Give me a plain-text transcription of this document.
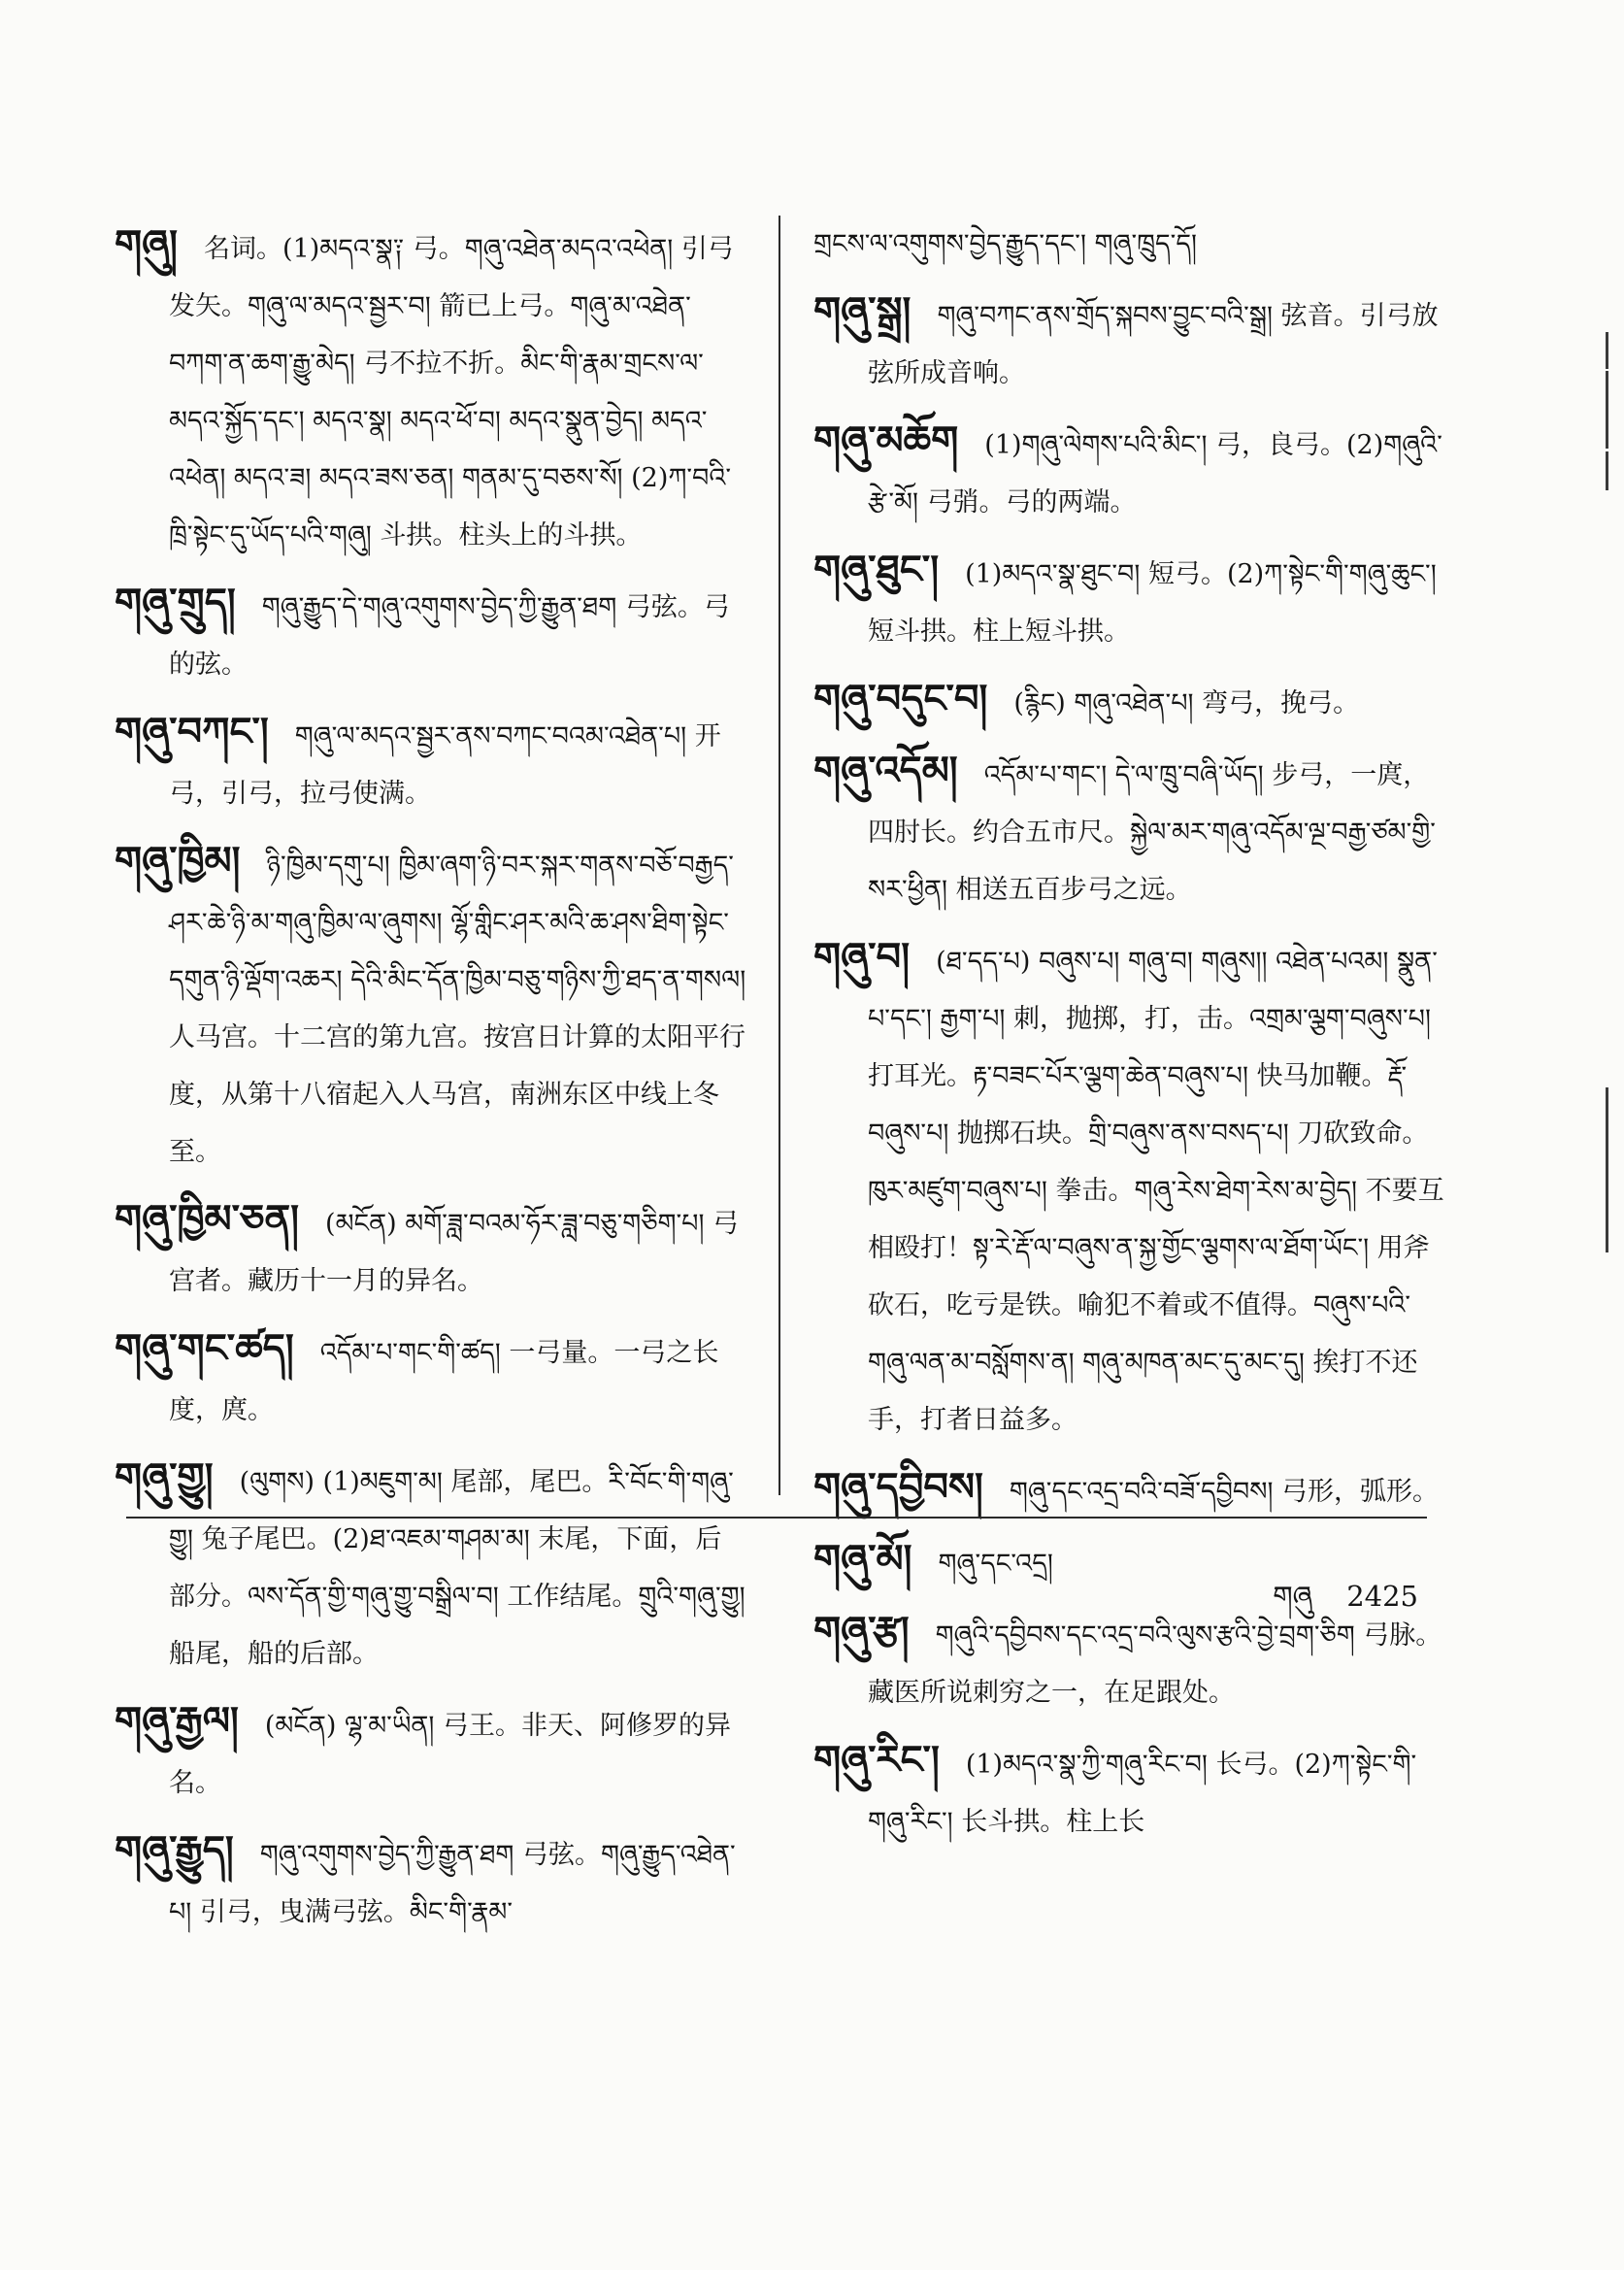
གཞུ།  名词。(1)མདའ་སྣ༑ 弓。གཞུ་འཐེན་མདའ་འཕེན། 引弓发矢。གཞུ་ལ་མདའ་སྦྱར་བ། 箭已上弓。གཞུ་མ་འཐེན་བཀག་ན་ཆག་རྒྱུ་མེད། 弓不拉不折。མིང་གི་རྣམ་གྲངས་ལ་མདའ་སྐྱོད་དང་། མདའ་སྣ། མདའ་ཕོ་བ། མདའ་སྣུན་བྱེད། མདའ་འཕེན། མདའ་ཟ། མདའ་ཟས་ཅན། གནམ་དུ་བཅས་སོ། (2)ཀ་བའི་ཁྲི་སྟེང་དུ་ཡོད་པའི་གཞུ། 斗拱。柱头上的斗拱。
གཞུ་གྲུད།  གཞུ་རྒྱུད་དེ་གཞུ་འགུགས་བྱེད་ཀྱི་རྒྱུན་ཐག 弓弦。弓的弦。
གཞུ་བཀང་།  གཞུ་ལ་མདའ་སྦྱར་ནས་བཀང་བའམ་འཐེན་པ། 开弓，引弓，拉弓使满。
གཞུ་ཁྱིམ།  ཉི་ཁྱིམ་དགུ་པ། ཁྱིམ་ཞག་ཉི་བར་སྐར་གནས་བཅོ་བརྒྱད་ཤར་ཆེ་ཉི་མ་གཞུ་ཁྱིམ་ལ་ཞུགས། ལྷོ་གླིང་ཤར་མའི་ཆ་ཤས་ཐིག་སྟེང་དགུན་ཉི་ལྡོག་འཆར། དེའི་མིང་དོན་ཁྱིམ་བཅུ་གཉིས་ཀྱི་ཐད་ན་གསལ། 人马宫。十二宫的第九宫。按宫日计算的太阳平行度，从第十八宿起入人马宫，南洲东区中线上冬至。
གཞུ་ཁྱིམ་ཅན།  (མངོན) མགོ་ཟླ་བའམ་ཧོར་ཟླ་བཅུ་གཅིག་པ། 弓宫者。藏历十一月的异名。
གཞུ་གང་ཚད།  འདོམ་པ་གང་གི་ཚད། 一弓量。一弓之长度，庹。
གཞུ་གྱུ།  (ལུགས) (1)མཇུག་མ། 尾部，尾巴。རི་བོང་གི་གཞུ་གྱུ། 兔子尾巴。(2)ཐ་འཇམ་གཤམ་མ། 末尾，下面，后部分。ལས་དོན་གྱི་གཞུ་གྱུ་བསྒྲིལ་བ། 工作结尾。གྲུའི་གཞུ་གྱུ། 船尾，船的后部。
གཞུ་རྒྱལ།  (མངོན) ལྷ་མ་ཡིན། 弓王。非天、阿修罗的异名。
གཞུ་རྒྱུད།  གཞུ་འགུགས་བྱེད་ཀྱི་རྒྱུན་ཐག 弓弦。གཞུ་རྒྱུད་འཐེན་པ། 引弓，曳满弓弦。མིང་གི་རྣམ་
གྲངས་ལ་འགུགས་བྱེད་རྒྱུད་དང་། གཞུ་ཁྲུད་དོ།
གཞུ་སྒྲ།  གཞུ་བཀང་ནས་གྲོད་སྐབས་བྱུང་བའི་སྒྲ། 弦音。引弓放弦所成音响。
གཞུ་མཆོག  (1)གཞུ་ལེགས་པའི་མིང་། 弓，良弓。(2)གཞུའི་རྩེ་མོ། 弓弰。弓的两端。
གཞུ་ཐུང་།  (1)མདའ་སྣ་ཐུང་བ། 短弓。(2)ཀ་སྟེང་གི་གཞུ་ཆུང་། 短斗拱。柱上短斗拱。
གཞུ་བདུང་བ།  (རྙིང) གཞུ་འཐེན་པ། 弯弓，挽弓。
གཞུ་འདོམ།  འདོམ་པ་གང་། དེ་ལ་ཁྲུ་བཞི་ཡོད། 步弓，一庹，四肘长。约合五市尺。སྐྱེལ་མར་གཞུ་འདོམ་ལྔ་བརྒྱ་ཙམ་གྱི་སར་ཕྱིན། 相送五百步弓之远。
གཞུ་བ།  (ཐ་དད་པ) བཞུས་པ། གཞུ་བ། གཞུས།། འཐེན་པའམ། སྣུན་པ་དང་། རྒྱག་པ། 刺，抛掷，打，击。འགྲམ་ལྕག་བཞུས་པ། 打耳光。རྟ་བཟང་པོར་ལྕག་ཆེན་བཞུས་པ། 快马加鞭。རྡོ་བཞུས་པ། 抛掷石块。གྲི་བཞུས་ནས་བསད་པ། 刀砍致命。ཁུར་མཛུག་བཞུས་པ། 拳击。གཞུ་རེས་ཐེག་རེས་མ་བྱེད། 不要互相殴打！སྟ་རེ་རྡོ་ལ་བཞུས་ན་སྐྱ་གྱོང་ལྕགས་ལ་ཐོག་ཡོང་། 用斧砍石，吃亏是铁。喻犯不着或不值得。བཞུས་པའི་གཞུ་ལན་མ་བསློགས་ན། གཞུ་མཁན་མང་དུ་མང་དུ། 挨打不还手，打者日益多。
གཞུ་དབྱིབས།  གཞུ་དང་འདྲ་བའི་བཟོ་དབྱིབས། 弓形，弧形。
གཞུ་མོ།  གཞུ་དང་འདྲ།
གཞུ་རྩ།  གཞུའི་དབྱིབས་དང་འདྲ་བའི་ལུས་རྩའི་བྱེ་བྲག་ཅིག 弓脉。藏医所说刺穷之一，在足跟处。
གཞུ་རིང་།  (1)མདའ་སྣ་ཀྱི་གཞུ་རིང་བ། 长弓。(2)ཀ་སྟེང་གི་གཞུ་རིང་། 长斗拱。柱上长
གཞུ 2425
